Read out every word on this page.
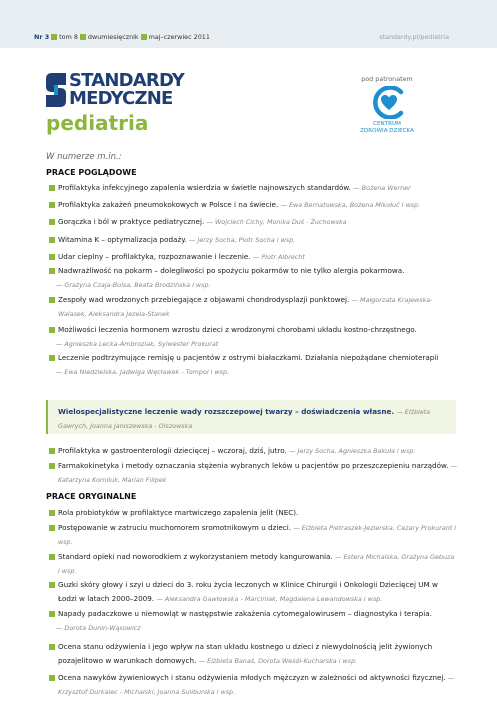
Nr 3 tom 8 dwumiesięcznik maj–czerwiec 2011	standardy.pl/pediatria
STANDARDY
MEDYCZNE
pediatria
pod patronatem
CENTRUM
ZDROWIA DZIECKA
W numerze m.in.:
PRACE POGLĄDOWE
Profilaktyka infekcyjnego zapalenia wsierdzia w świetle najnowszych standardów. — Bożena Werner
Profilaktyka zakażeń pneumokokowych w Polsce i na świecie. — Ewa Bernatowska, Bożena Mikołuć i wsp.
Gorączka i ból w praktyce pediatrycznej. — Wojciech Cichy, Monika Duś - Żuchowska
Witamina K – optymalizacja podaży. — Jerzy Socha, Piotr Socha i wsp.
Udar cieplny – profilaktyka, rozpoznawanie i leczenie. — Piotr Albrecht
Nadwrażliwość na pokarm – dolegliwości po spożyciu pokarmów to nie tylko alergia pokarmowa.
— Grażyna Czaja-Bulsa, Beata Brodzińska i wsp.
Zespoły wad wrodzonych przebiegające z objawami chondrodysplazji punktowej. — Małgorzata Krajewska-Walasek, Aleksandra Jezela-Stanek
Możliwości leczenia hormonem wzrostu dzieci z wrodzonymi chorobami układu kostno-chrzęstnego.
— Agnieszka Lecka-Ambroziak, Sylwester Prokurat
Leczenie podtrzymujące remisję u pacjentów z ostrymi białaczkami. Działania niepożądane chemioterapii
— Ewa Niedzielska, Jadwiga Węcławek - Tompol i wsp.
Wielospecjalistyczne leczenie wady rozszczepowej twarzy – doświadczenia własne. — Elżbieta Gawrych, Joanna Janiszewska - Olszowska
Profilaktyka w gastroenterologii dziecięcej – wczoraj, dziś, jutro. — Jerzy Socha, Agnieszka Bakuła i wsp.
Farmakokinetyka i metody oznaczania stężenia wybranych leków u pacjentów po przeszczepieniu narządów. — Katarzyna Korniluk, Marian Filipek
PRACE ORYGINALNE
Rola probiotyków w profilaktyce martwiczego zapalenia jelit (NEC).
Postępowanie w zatruciu muchomorem sromotnikowym u dzieci. — Elżbieta Pietraszek-Jezierska, Cezary Prokurant i wsp.
Standard opieki nad noworodkiem z wykorzystaniem metody kangurowania. — Estera Michalska, Grażyna Gebuza i wsp.
Guzki skóry głowy i szyi u dzieci do 3. roku życia leczonych w Klinice Chirurgii i Onkologii Dziecięcej UM w Łodzi w latach 2000–2009. — Aleksandra Gawłowska - Marciniak, Magdalena Lewandowska i wsp.
Napady padaczkowe u niemowląt w następstwie zakażenia cytomegalowirusem – diagnostyka i terapia.
— Dorota Dunin-Wąsowicz
Ocena stanu odżywienia i jego wpływ na stan układu kostnego u dzieci z niewydolnością jelit żywionych pozajelitowo w warunkach domowych. — Elżbieta Banaś, Dorota Wesół-Kucharska i wsp.
Ocena nawyków żywieniowych i stanu odżywienia młodych mężczyzn w zależności od aktywności fizycznej. — Krzysztof Durkalec - Michalski, Joanna Suliburska i wsp.
